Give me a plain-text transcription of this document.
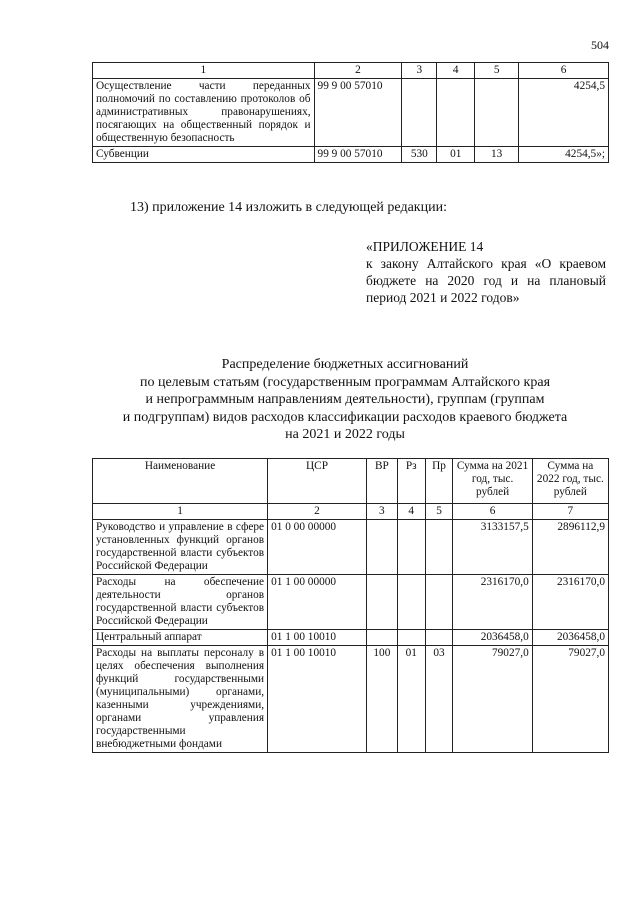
504
1	2	3	4	5	6
Осуществление части переданных полномочий по составлению протоколов об административных правонарушениях, посягающих на общественный порядок и общественную безопасность	99 9 00 57010				4254,5
Субвенции	99 9 00 57010	530	01	13	4254,5»;
13) приложение 14 изложить в следующей редакции:
«ПРИЛОЖЕНИЕ 14
к закону Алтайского края «О краевом бюджете на 2020 год и на плановый период 2021 и 2022 годов»
Распределение бюджетных ассигнований
по целевым статьям (государственным программам Алтайского края
и непрограммным направлениям деятельности), группам (группам
и подгруппам) видов расходов классификации расходов краевого бюджета
на 2021 и 2022 годы
Наименование	ЦСР	ВР	Рз	Пр	Сумма на 2021 год, тыс. рублей	Сумма на 2022 год, тыс. рублей
1	2	3	4	5	6	7
Руководство и управление в сфере установленных функций органов государственной власти субъектов Российской Федерации	01 0 00 00000				3133157,5	2896112,9
Расходы на обеспечение деятельности органов государственной власти субъектов Российской Федерации	01 1 00 00000				2316170,0	2316170,0
Центральный аппарат	01 1 00 10010				2036458,0	2036458,0
Расходы на выплаты персоналу в целях обеспечения выполнения функций государственными (муниципальными) органами, казенными учреждениями, органами управления государственными внебюджетными фондами	01 1 00 10010	100	01	03	79027,0	79027,0
